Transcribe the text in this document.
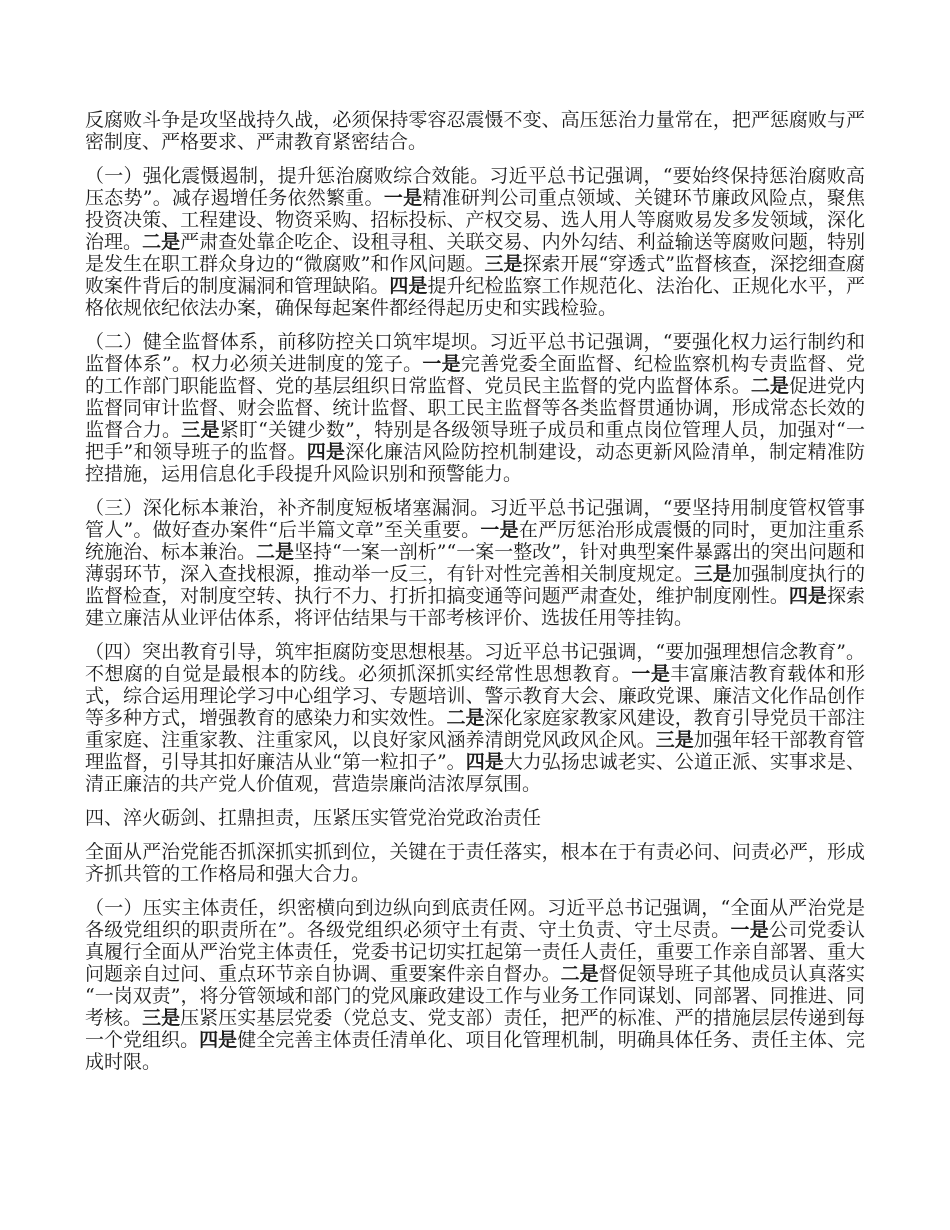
反腐败斗争是攻坚战持久战，必须保持零容忍震慑不变、高压惩治力量常在，把严惩腐败与严密制度、严格要求、严肃教育紧密结合。

（一）强化震慑遏制，提升惩治腐败综合效能。习近平总书记强调，“要始终保持惩治腐败高压态势”。减存遏增任务依然繁重。一是精准研判公司重点领域、关键环节廉政风险点，聚焦投资决策、工程建设、物资采购、招标投标、产权交易、选人用人等腐败易发多发领域，深化治理。二是严肃查处靠企吃企、设租寻租、关联交易、内外勾结、利益输送等腐败问题，特别是发生在职工群众身边的“微腐败”和作风问题。三是探索开展“穿透式”监督核查，深挖细查腐败案件背后的制度漏洞和管理缺陷。四是提升纪检监察工作规范化、法治化、正规化水平，严格依规依纪依法办案，确保每起案件都经得起历史和实践检验。

（二）健全监督体系，前移防控关口筑牢堤坝。习近平总书记强调，“要强化权力运行制约和监督体系”。权力必须关进制度的笼子。一是完善党委全面监督、纪检监察机构专责监督、党的工作部门职能监督、党的基层组织日常监督、党员民主监督的党内监督体系。二是促进党内监督同审计监督、财会监督、统计监督、职工民主监督等各类监督贯通协调，形成常态长效的监督合力。三是紧盯“关键少数”，特别是各级领导班子成员和重点岗位管理人员，加强对“一把手”和领导班子的监督。四是深化廉洁风险防控机制建设，动态更新风险清单，制定精准防控措施，运用信息化手段提升风险识别和预警能力。

（三）深化标本兼治，补齐制度短板堵塞漏洞。习近平总书记强调，“要坚持用制度管权管事管人”。做好查办案件“后半篇文章”至关重要。一是在严厉惩治形成震慑的同时，更加注重系统施治、标本兼治。二是坚持“一案一剖析”“一案一整改”，针对典型案件暴露出的突出问题和薄弱环节，深入查找根源，推动举一反三，有针对性完善相关制度规定。三是加强制度执行的监督检查，对制度空转、执行不力、打折扣搞变通等问题严肃查处，维护制度刚性。四是探索建立廉洁从业评估体系，将评估结果与干部考核评价、选拔任用等挂钩。

（四）突出教育引导，筑牢拒腐防变思想根基。习近平总书记强调，“要加强理想信念教育”。不想腐的自觉是最根本的防线。必须抓深抓实经常性思想教育。一是丰富廉洁教育载体和形式，综合运用理论学习中心组学习、专题培训、警示教育大会、廉政党课、廉洁文化作品创作等多种方式，增强教育的感染力和实效性。二是深化家庭家教家风建设，教育引导党员干部注重家庭、注重家教、注重家风，以良好家风涵养清朗党风政风企风。三是加强年轻干部教育管理监督，引导其扣好廉洁从业“第一粒扣子”。四是大力弘扬忠诚老实、公道正派、实事求是、清正廉洁的共产党人价值观，营造崇廉尚洁浓厚氛围。

四、淬火砺剑、扛鼎担责，压紧压实管党治党政治责任

全面从严治党能否抓深抓实抓到位，关键在于责任落实，根本在于有责必问、问责必严，形成齐抓共管的工作格局和强大合力。

（一）压实主体责任，织密横向到边纵向到底责任网。习近平总书记强调，“全面从严治党是各级党组织的职责所在”。各级党组织必须守土有责、守土负责、守土尽责。一是公司党委认真履行全面从严治党主体责任，党委书记切实扛起第一责任人责任，重要工作亲自部署、重大问题亲自过问、重点环节亲自协调、重要案件亲自督办。二是督促领导班子其他成员认真落实“一岗双责”，将分管领域和部门的党风廉政建设工作与业务工作同谋划、同部署、同推进、同考核。三是压紧压实基层党委（党总支、党支部）责任，把严的标准、严的措施层层传递到每一个党组织。四是健全完善主体责任清单化、项目化管理机制，明确具体任务、责任主体、完成时限。
